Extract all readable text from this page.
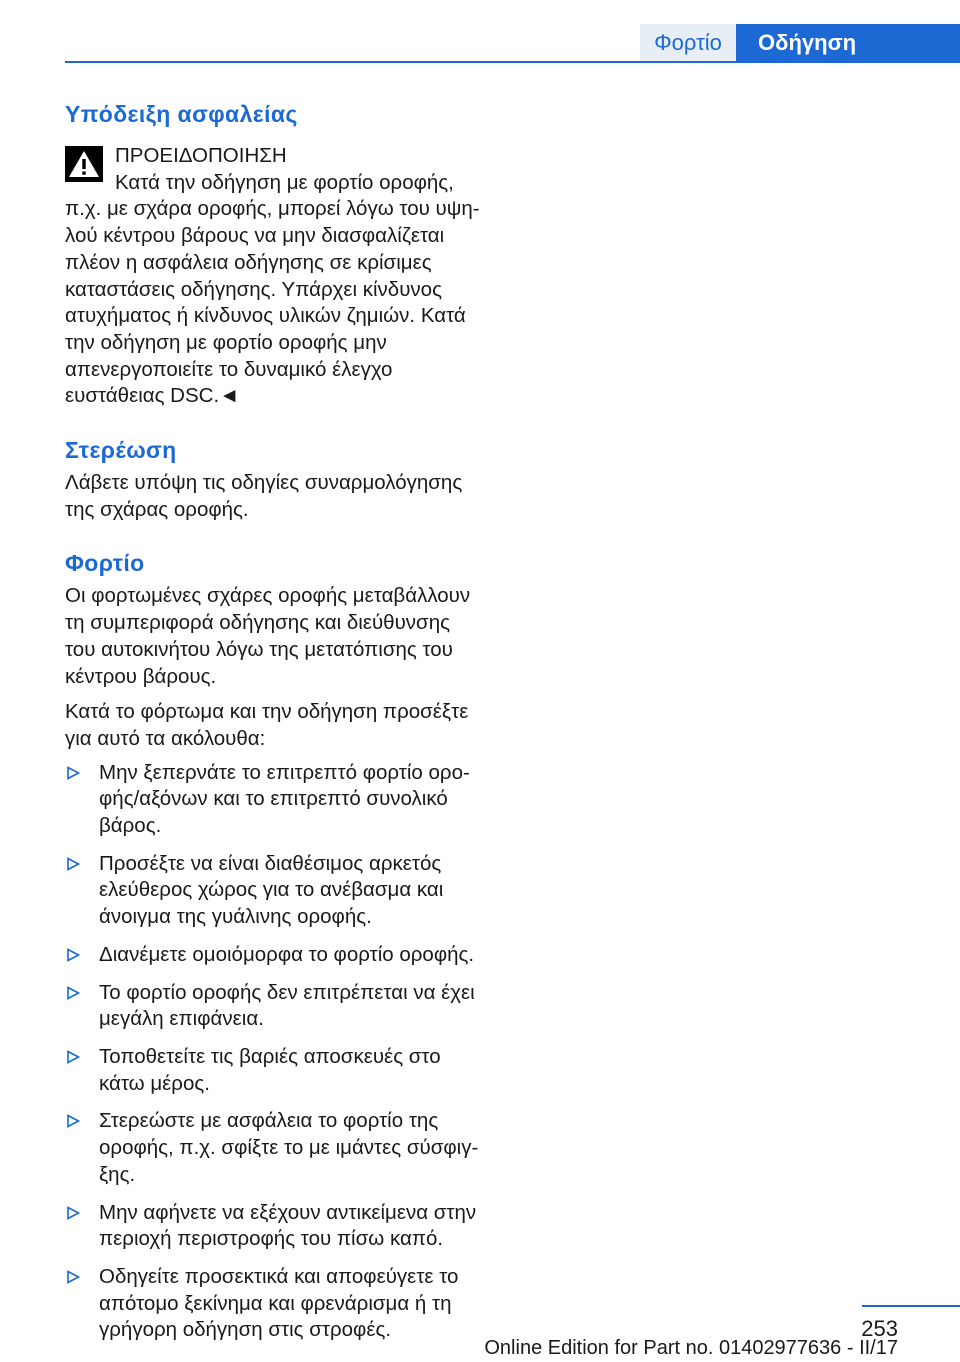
Φορτίο	Οδήγηση
Υπόδειξη ασφαλείας

ΠΡΟΕΙΔΟΠΟΙΗΣΗ

Κατά την οδήγηση με φορτίο οροφής, π.χ. με σχάρα οροφής, μπορεί λόγω του υψηλού κέντρου βάρους να μην διασφαλίζεται πλέον η ασφάλεια οδήγησης σε κρίσιμες καταστάσεις οδήγησης. Υπάρχει κίνδυνος ατυχήματος ή κίνδυνος υλικών ζημιών. Κατά την οδήγηση με φορτίο οροφής μην απενεργοποιείτε το δυναμικό έλεγχο ευστάθειας DSC.◄

Στερέωση

Λάβετε υπόψη τις οδηγίες συναρμολόγησης της σχάρας οροφής.

Φορτίο

Οι φορτωμένες σχάρες οροφής μεταβάλλουν τη συμπεριφορά οδήγησης και διεύθυνσης του αυτοκινήτου λόγω της μετατόπισης του κέντρου βάρους.

Κατά το φόρτωμα και την οδήγηση προσέξτε για αυτό τα ακόλουθα:

Μην ξεπερνάτε το επιτρεπτό φορτίο οροφής/αξόνων και το επιτρεπτό συνολικό βάρος.
Προσέξτε να είναι διαθέσιμος αρκετός ελεύθερος χώρος για το ανέβασμα και άνοιγμα της γυάλινης οροφής.
Διανέμετε ομοιόμορφα το φορτίο οροφής.
Το φορτίο οροφής δεν επιτρέπεται να έχει μεγάλη επιφάνεια.
Τοποθετείτε τις βαριές αποσκευές στο κάτω μέρος.
Στερεώστε με ασφάλεια το φορτίο της οροφής, π.χ. σφίξτε το με ιμάντες σύσφιγξης.
Μην αφήνετε να εξέχουν αντικείμενα στην περιοχή περιστροφής του πίσω καπό.
Οδηγείτε προσεκτικά και αποφεύγετε το απότομο ξεκίνημα και φρενάρισμα ή τη γρήγορη οδήγηση στις στροφές.	253
Online Edition for Part no. 01402977636 - II/17
